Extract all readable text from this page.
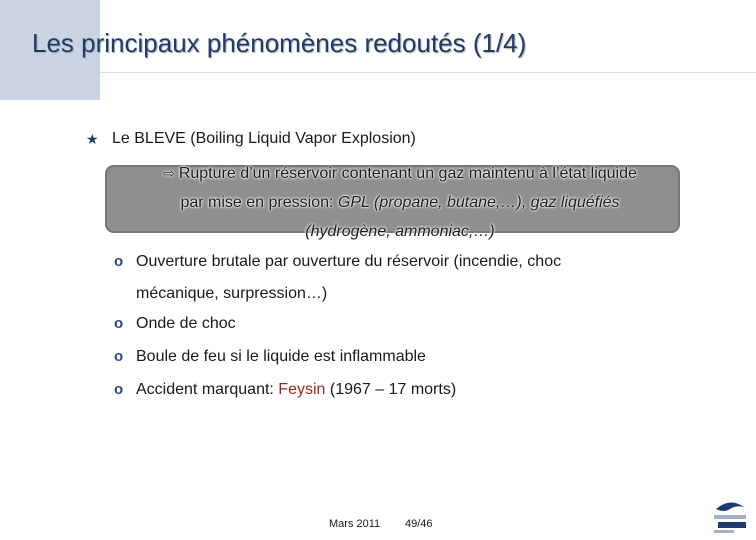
Les principaux phénomènes redoutés (1/4)
★ Le BLEVE (Boiling Liquid Vapor Explosion)
⇨ Rupture d’un réservoir contenant un gaz maintenu à l’état liquide
par mise en pression: GPL (propane, butane,…), gaz liquéfiés
(hydrogène, ammoniac,…)
o Ouverture brutale par ouverture du réservoir (incendie, choc mécanique, surpression…)
o Onde de choc
o Boule de feu si le liquide est inflammable
o Accident marquant: Feysin (1967 – 17 morts)
Mars 2011 49/46
